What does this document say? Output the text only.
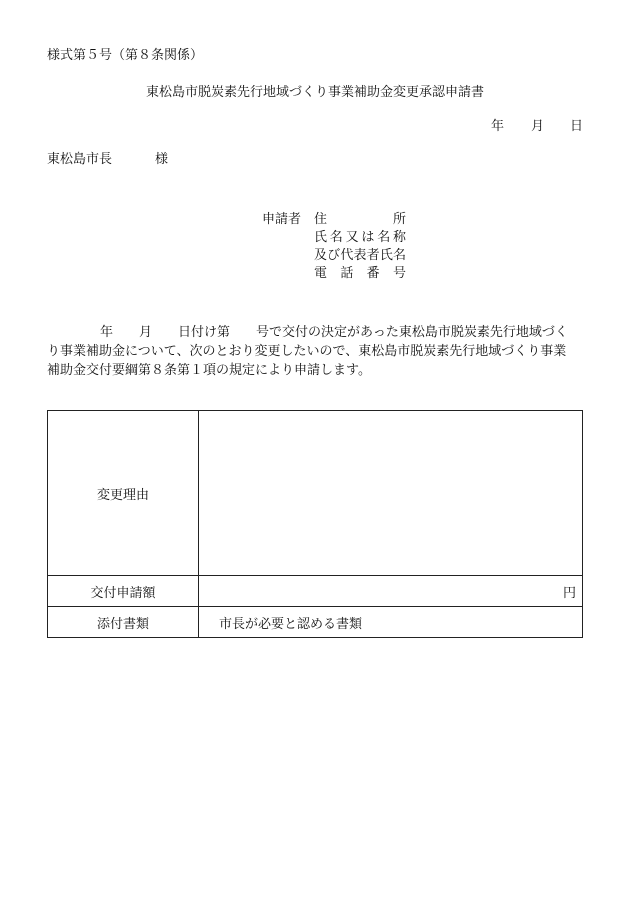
様式第５号（第８条関係）
東松島市脱炭素先行地域づくり事業補助金変更承認申請書
年 月 日
東松島市長	様
申請者 住所
氏名又は名称
及び代表者氏名
電話番号
年　　月　　日付け第　　号で交付の決定があった東松島市脱炭素先行地域づく
り事業補助金について、次のとおり変更したいので、東松島市脱炭素先行地域づくり事業
補助金交付要綱第８条第１項の規定により申請します。
変更理由	
交付申請額	円
添付書類	市長が必要と認める書類
